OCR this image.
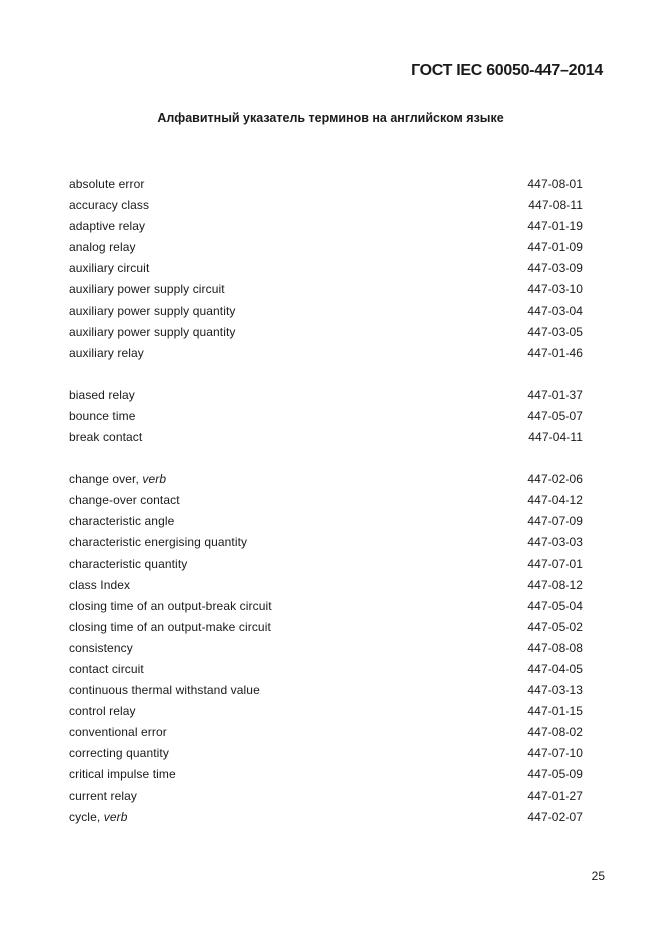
ГОСТ IEC 60050-447–2014
Алфавитный указатель терминов на английском языке
absolute error	447-08-01
accuracy class	447-08-11
adaptive relay	447-01-19
analog relay	447-01-09
auxiliary circuit	447-03-09
auxiliary power supply circuit	447-03-10
auxiliary power supply quantity	447-03-04
auxiliary power supply quantity	447-03-05
auxiliary relay	447-01-46
biased relay	447-01-37
bounce time	447-05-07
break contact	447-04-11
change over, verb	447-02-06
change-over contact	447-04-12
characteristic angle	447-07-09
characteristic energising quantity	447-03-03
characteristic quantity	447-07-01
class Index	447-08-12
closing time of an output-break circuit	447-05-04
closing time of an output-make circuit	447-05-02
consistency	447-08-08
contact circuit	447-04-05
continuous thermal withstand value	447-03-13
control relay	447-01-15
conventional error	447-08-02
correcting quantity	447-07-10
critical impulse time	447-05-09
current relay	447-01-27
cycle, verb	447-02-07
25
